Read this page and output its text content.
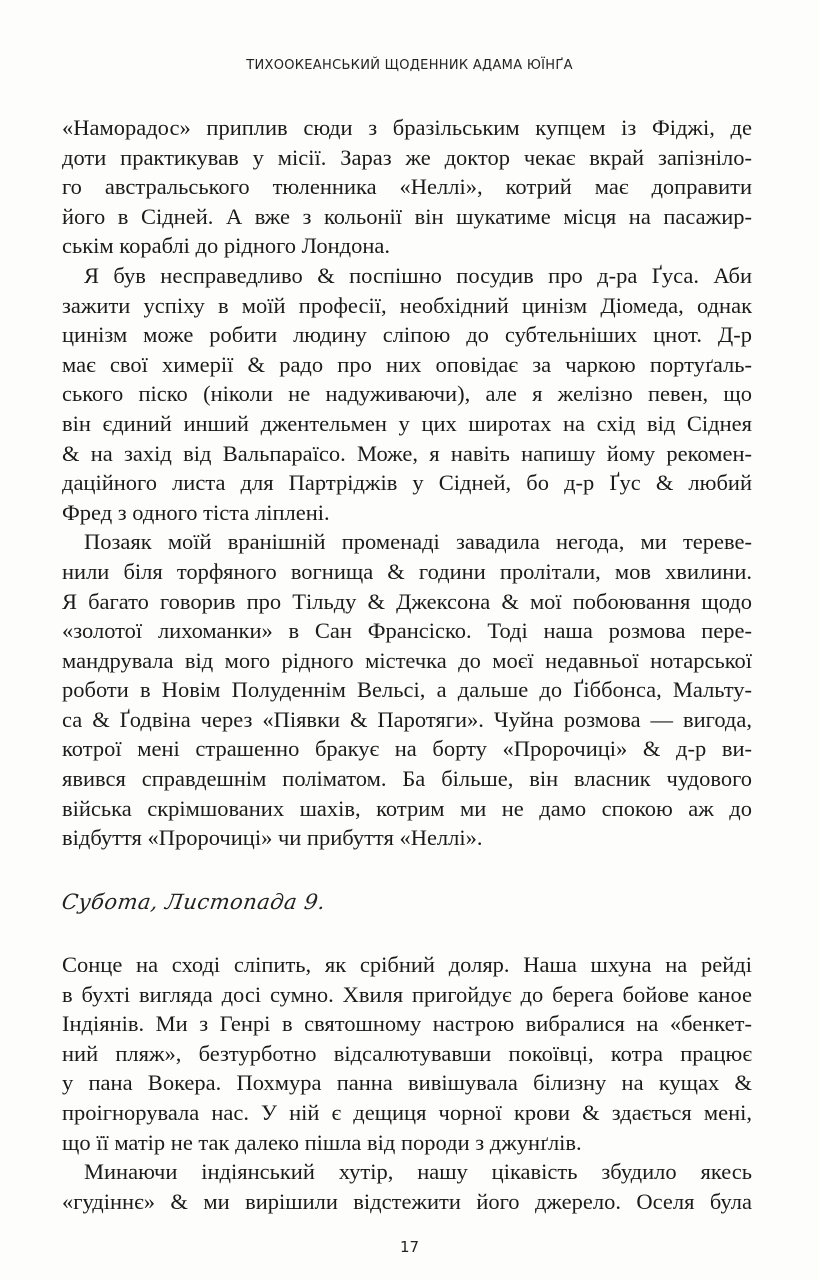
ТИХООКЕАНСЬКИЙ ЩОДЕННИК АДАМА ЮЇНҐА
«Наморадос» приплив сюди з бразільським купцем із Фіджі, де
доти практикував у місії. Зараз же доктор чекає вкрай запізніло-
го австральського тюленника «Неллі», котрий має доправити
його в Сідней. А вже з кольонії він шукатиме місця на пасажир-
ськім кораблі до рідного Лондона.
Я був несправедливо & поспішно посудив про д-ра Ґуса. Аби
зажити успіху в моїй професії, необхідний цинізм Діомеда, однак
цинізм може робити людину сліпою до субтельніших цнот. Д-р
має свої химерії & радо про них оповідає за чаркою портуґаль-
ського піско (ніколи не надуживаючи), але я желізно певен, що
він єдиний инший джентельмен у цих широтах на схід від Сіднея
& на захід від Вальпараїсо. Може, я навіть напишу йому рекомен-
даційного листа для Партріджів у Сідней, бо д-р Ґус & любий
Фред з одного тіста ліплені.
Позаяк моїй вранішній променаді завадила негода, ми тереве-
нили біля торфяного вогнища & години пролітали, мов хвилини.
Я багато говорив про Тільду & Джексона & мої побоювання щодо
«золотої лихоманки» в Сан Франсіско. Тоді наша розмова пере-
мандрувала від мого рідного містечка до моєї недавньої нотарської
роботи в Новім Полуденнім Вельсі, а дальше до Ґіббонса, Мальту-
са & Ґодвіна через «Піявки & Паротяги». Чуйна розмова — вигода,
котрої мені страшенно бракує на борту «Пророчиці» & д-р ви-
явився справдешнім поліматом. Ба більше, він власник чудового
війська скрімшованих шахів, котрим ми не дамо спокою аж до
відбуття «Пророчиці» чи прибуття «Неллі».
Субота, Листопада 9.
Сонце на сході сліпить, як срібний доляр. Наша шхуна на рейді
в бухті вигляда досі сумно. Хвиля пригойдує до берега бойове каное
Індіянів. Ми з Генрі в святошному настрою вибралися на «бенкет-
ний пляж», безтурботно відсалютувавши покоївці, котра працює
у пана Вокера. Похмура панна вивішувала білизну на кущах &
проігнорувала нас. У ній є дещиця чорної крови & здається мені,
що її матір не так далеко пішла від породи з джунґлів.
Минаючи індіянський хутір, нашу цікавість збудило якесь
«гудіннє» & ми вирішили відстежити його джерело. Оселя була
17
